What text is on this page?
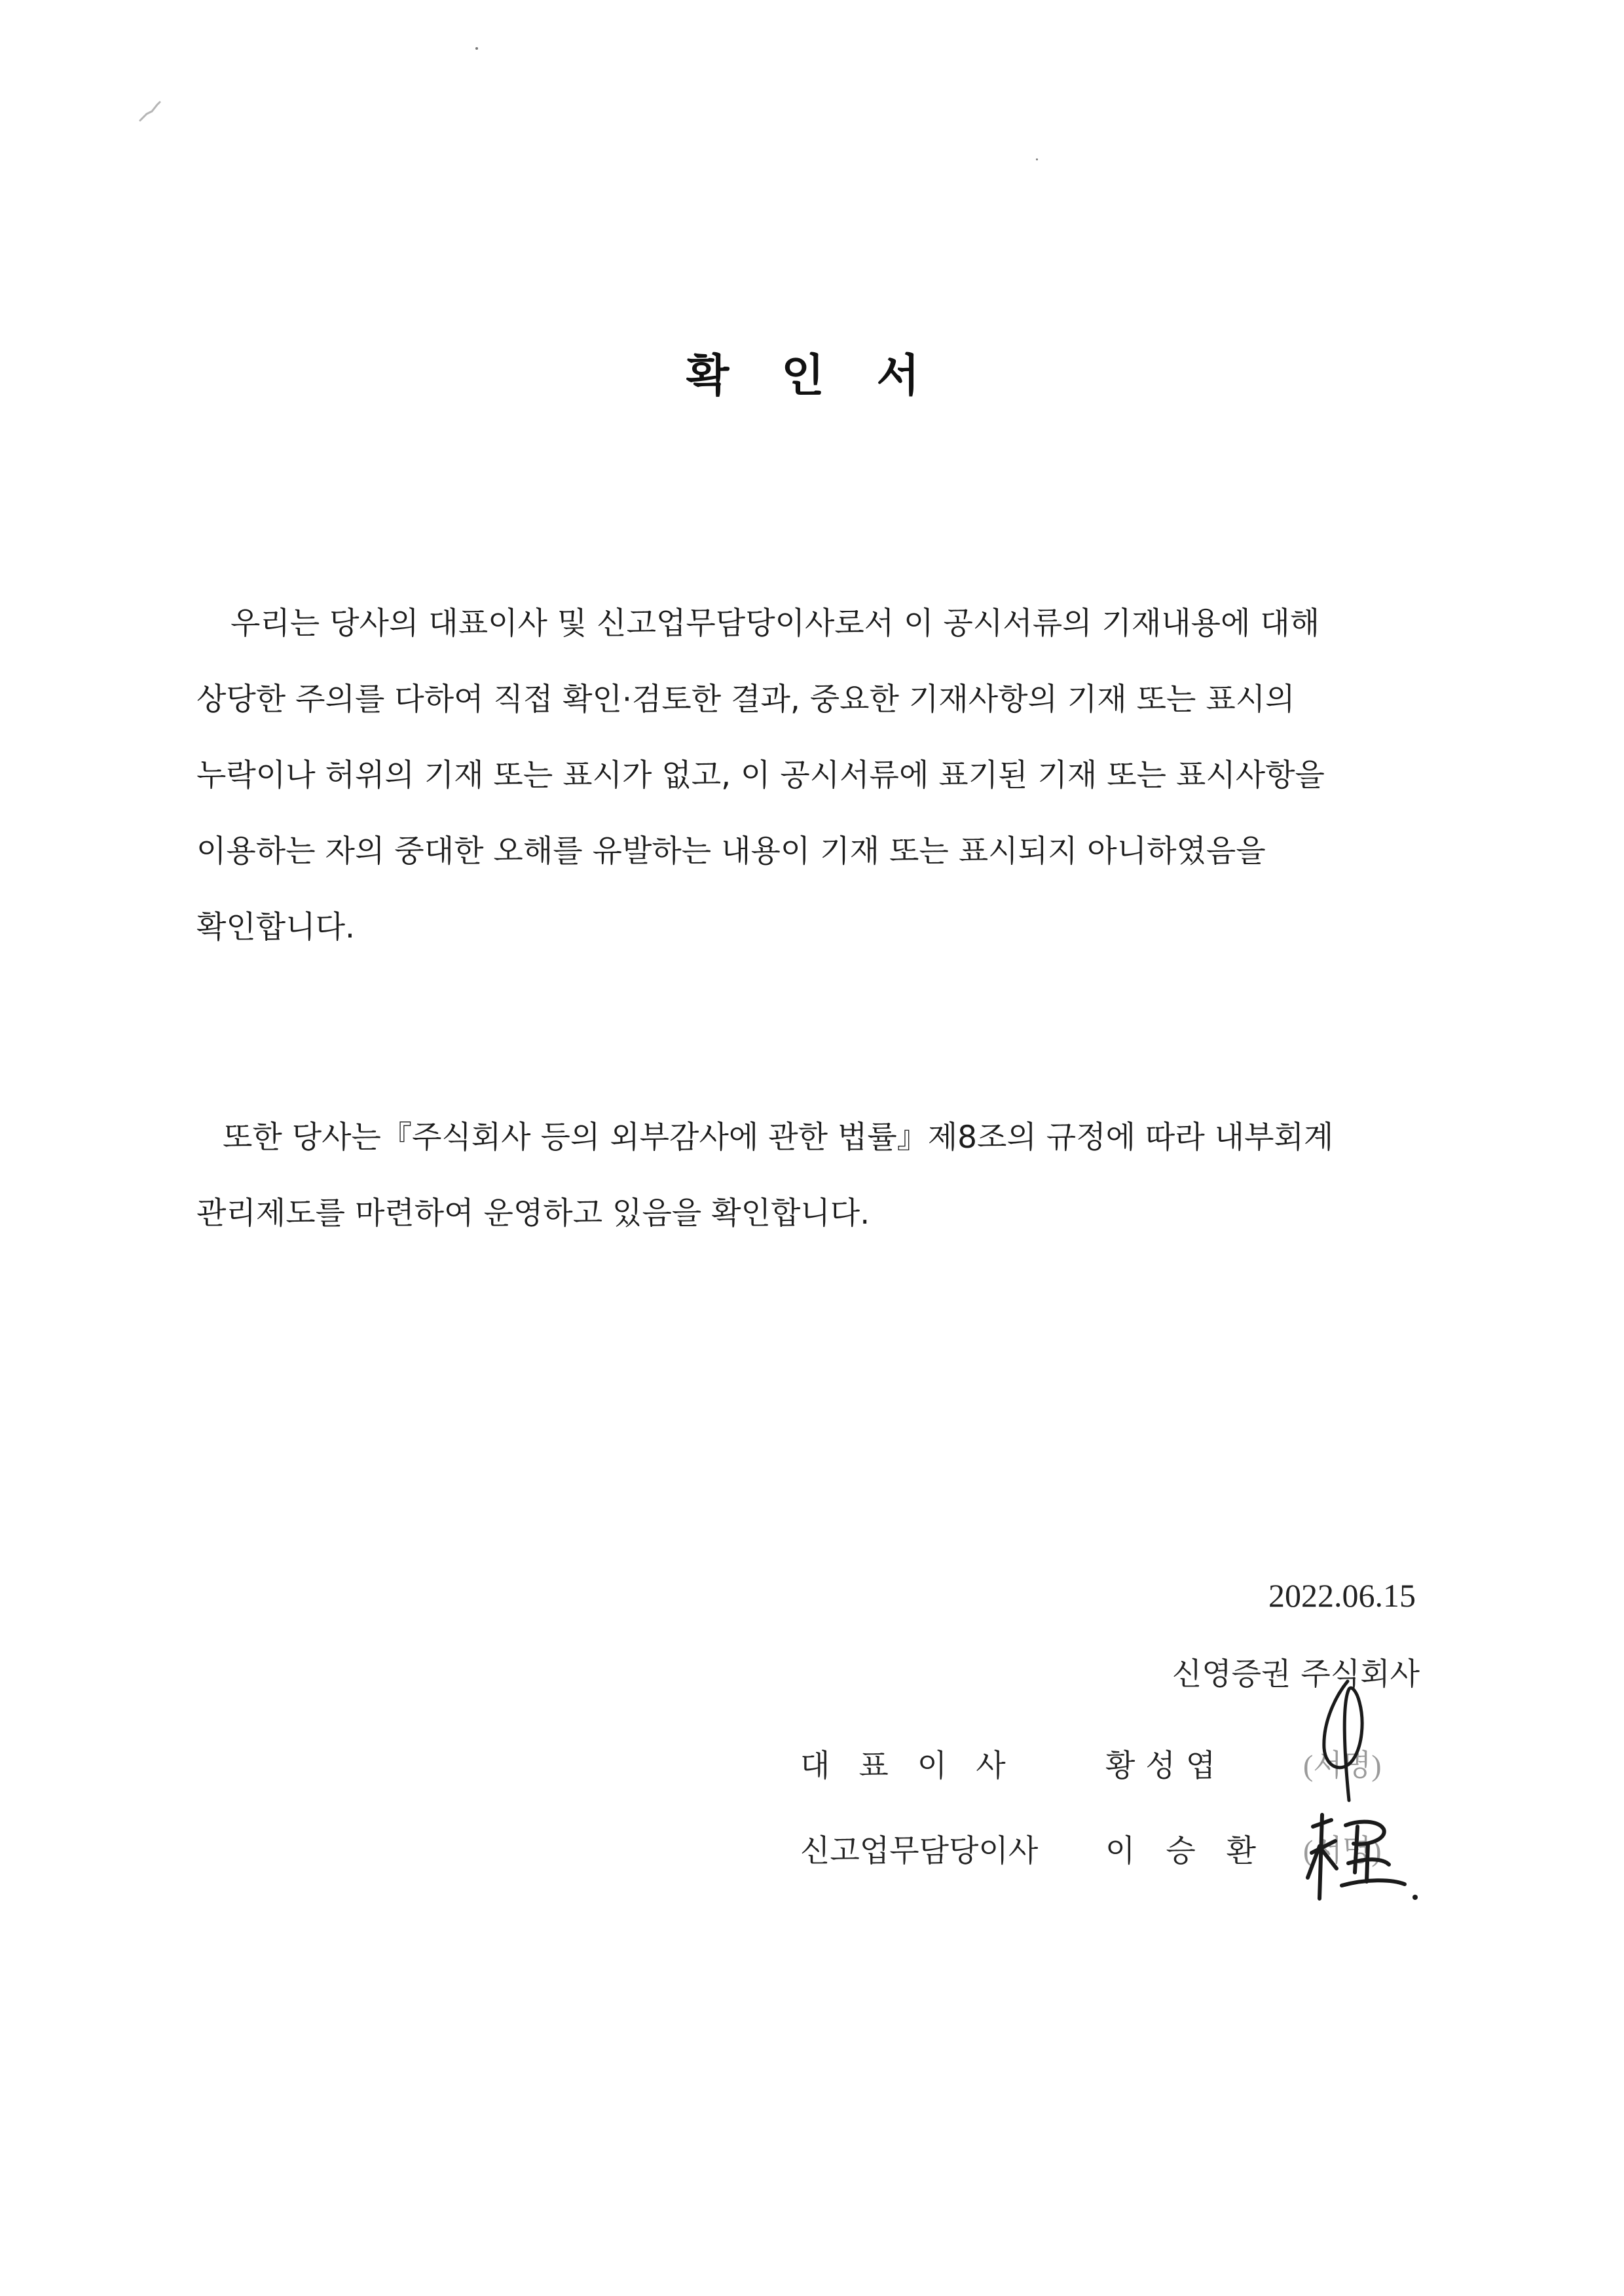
확 인 서
우리는 당사의 대표이사 및 신고업무담당이사로서 이 공시서류의 기재내용에 대해
상당한 주의를 다하여 직접 확인·검토한 결과, 중요한 기재사항의 기재 또는 표시의
누락이나 허위의 기재 또는 표시가 없고, 이 공시서류에 표기된 기재 또는 표시사항을
이용하는 자의 중대한 오해를 유발하는 내용이 기재 또는 표시되지 아니하였음을
확인합니다.
또한 당사는『주식회사 등의 외부감사에 관한 법률』제8조의 규정에 따라 내부회계
관리제도를 마련하여 운영하고 있음을 확인합니다.
2022.06.15
신영증권 주식회사
대표이사 황성엽	(서명)
신고업무담당이사 이 승 환 (서명)
